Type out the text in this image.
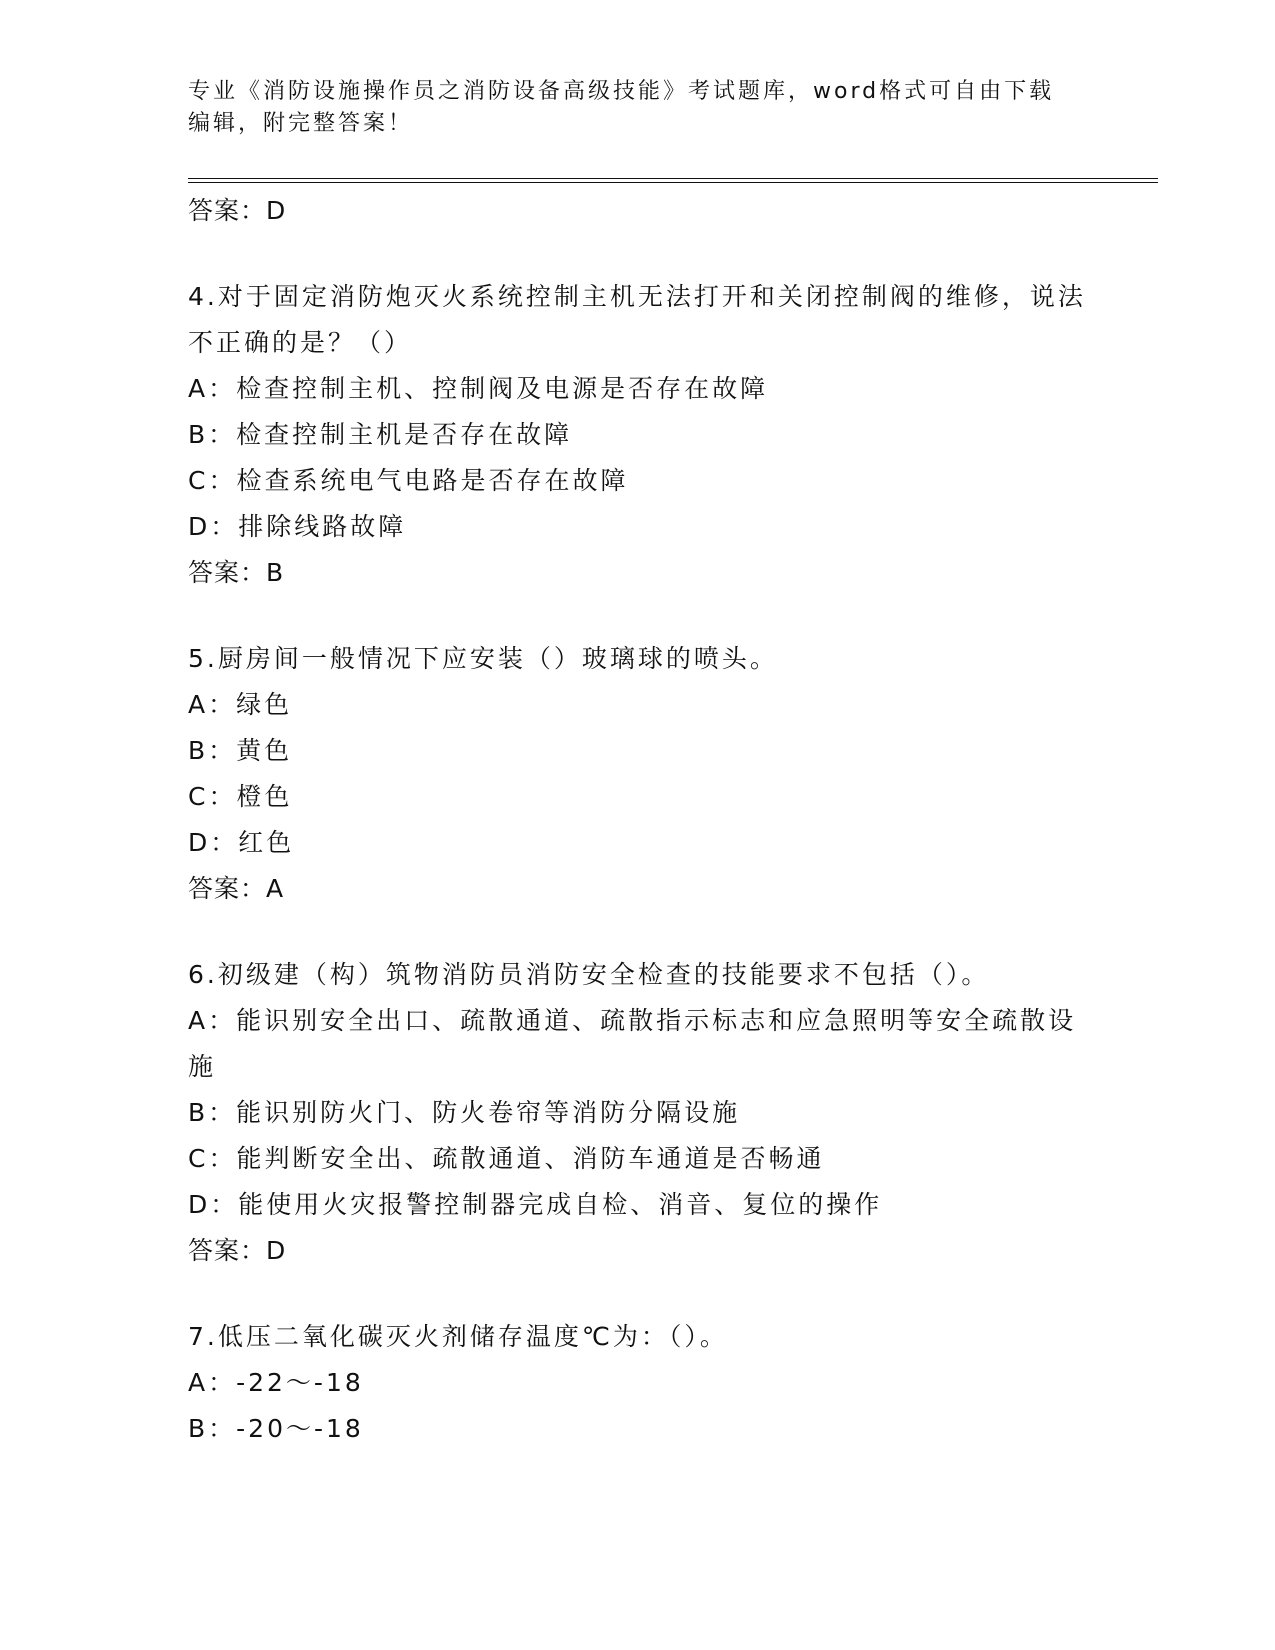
专业《消防设施操作员之消防设备高级技能》考试题库，word格式可自由下载编辑，附完整答案！

答案：D

4.对于固定消防炮灭火系统控制主机无法打开和关闭控制阀的维修，说法不正确的是？（）

A：检查控制主机、控制阀及电源是否存在故障

B：检查控制主机是否存在故障

C：检查系统电气电路是否存在故障

D：排除线路故障

答案：B

5.厨房间一般情况下应安装（）玻璃球的喷头。

A：绿色

B：黄色

C：橙色

D：红色

答案：A

6.初级建（构）筑物消防员消防安全检查的技能要求不包括（）。

A：能识别安全出口、疏散通道、疏散指示标志和应急照明等安全疏散设施

B：能识别防火门、防火卷帘等消防分隔设施

C：能判断安全出、疏散通道、消防车通道是否畅通

D：能使用火灾报警控制器完成自检、消音、复位的操作

答案：D

7.低压二氧化碳灭火剂储存温度℃为：（）。

A：-22～-18

B：-20～-18
